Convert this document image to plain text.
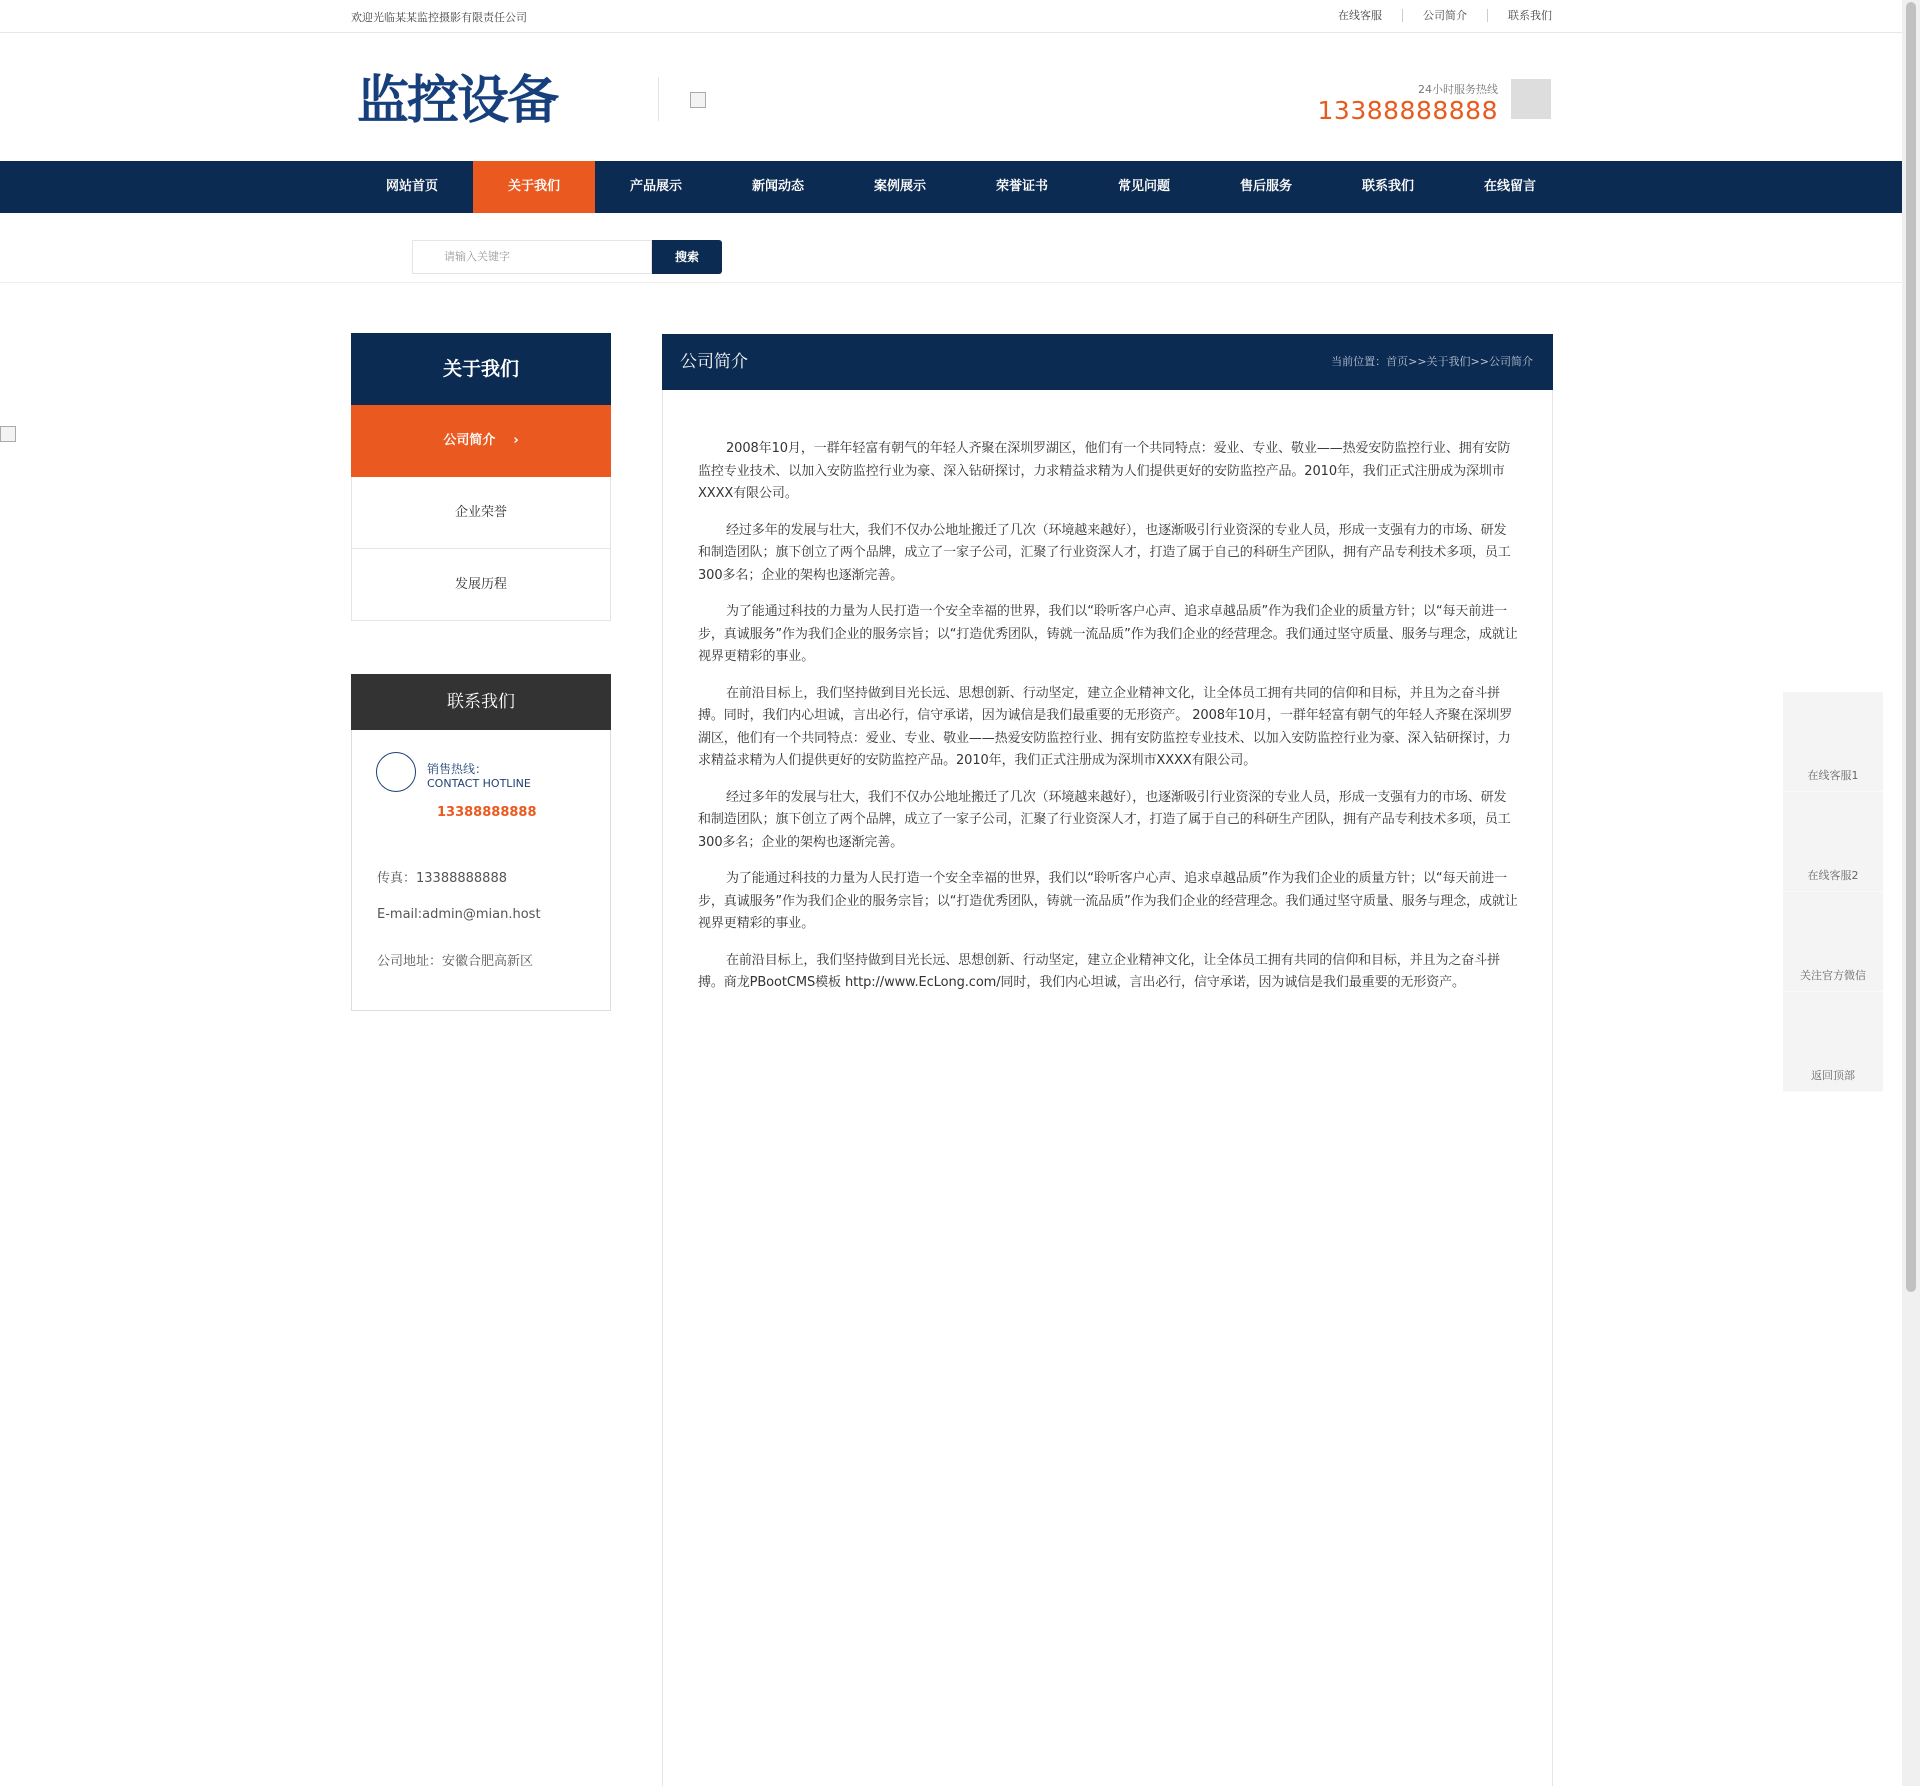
欢迎光临某某监控摄影有限责任公司	在线客服	公司简介	联系我们
监控设备	24小时服务热线
13388888888
网站首页	关于我们	产品展示	新闻动态	案例展示	荣誉证书	常见问题	售后服务	联系我们	在线留言
请输入关键字	搜索
关于我们
公司简介 ›
企业荣誉
发展历程
联系我们
销售热线：
CONTACT HOTLINE
13388888888
传真：13388888888
E-mail:admin@mian.host
公司地址：安徽合肥高新区
公司简介	当前位置：首页>>关于我们>>公司简介

2008年10月，一群年轻富有朝气的年轻人齐聚在深圳罗湖区，他们有一个共同特点：爱业、专业、敬业——热爱安防监控行业、拥有安防监控专业技术、以加入安防监控行业为豪、深入钻研探讨，力求精益求精为人们提供更好的安防监控产品。2010年，我们正式注册成为深圳市XXXX有限公司。

经过多年的发展与壮大，我们不仅办公地址搬迁了几次（环境越来越好），也逐渐吸引行业资深的专业人员，形成一支强有力的市场、研发和制造团队；旗下创立了两个品牌，成立了一家子公司，汇聚了行业资深人才，打造了属于自己的科研生产团队，拥有产品专利技术多项，员工300多名；企业的架构也逐渐完善。

为了能通过科技的力量为人民打造一个安全幸福的世界，我们以“聆听客户心声、追求卓越品质”作为我们企业的质量方针；以“每天前进一步，真诚服务”作为我们企业的服务宗旨；以“打造优秀团队，铸就一流品质”作为我们企业的经营理念。我们通过坚守质量、服务与理念，成就让视界更精彩的事业。

在前沿目标上，我们坚持做到目光长远、思想创新、行动坚定，建立企业精神文化，让全体员工拥有共同的信仰和目标，并且为之奋斗拼搏。同时，我们内心坦诚，言出必行，信守承诺，因为诚信是我们最重要的无形资产。 2008年10月，一群年轻富有朝气的年轻人齐聚在深圳罗湖区，他们有一个共同特点：爱业、专业、敬业——热爱安防监控行业、拥有安防监控专业技术、以加入安防监控行业为豪、深入钻研探讨，力求精益求精为人们提供更好的安防监控产品。2010年，我们正式注册成为深圳市XXXX有限公司。

经过多年的发展与壮大，我们不仅办公地址搬迁了几次（环境越来越好），也逐渐吸引行业资深的专业人员，形成一支强有力的市场、研发和制造团队；旗下创立了两个品牌，成立了一家子公司，汇聚了行业资深人才，打造了属于自己的科研生产团队，拥有产品专利技术多项，员工300多名；企业的架构也逐渐完善。

为了能通过科技的力量为人民打造一个安全幸福的世界，我们以“聆听客户心声、追求卓越品质”作为我们企业的质量方针；以“每天前进一步，真诚服务”作为我们企业的服务宗旨；以“打造优秀团队，铸就一流品质”作为我们企业的经营理念。我们通过坚守质量、服务与理念，成就让视界更精彩的事业。

在前沿目标上，我们坚持做到目光长远、思想创新、行动坚定，建立企业精神文化，让全体员工拥有共同的信仰和目标，并且为之奋斗拼搏。商龙PBootCMS模板 http://www.EcLong.com/同时，我们内心坦诚，言出必行，信守承诺，因为诚信是我们最重要的无形资产。

在线客服1
在线客服2
关注官方微信
返回顶部
